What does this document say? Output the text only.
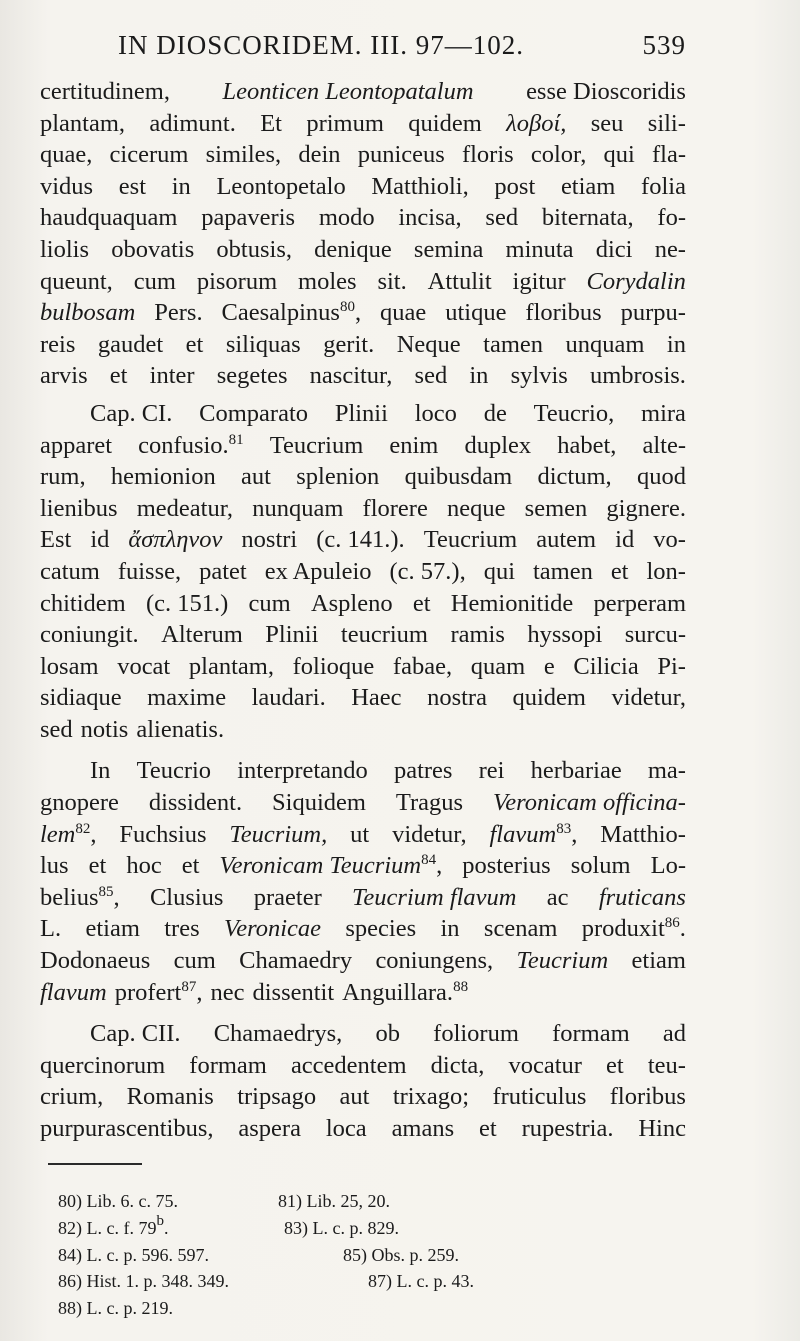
IN DIOSCORIDEM. III. 97—102.	539
certitudinem, Leonticen Leontopatalum esse Dioscoridis
plantam, adimunt. Et primum quidem λοβοί, seu sili-
quae, cicerum similes, dein puniceus floris color, qui fla-
vidus est in Leontopetalo Matthioli, post etiam folia
haudquaquam papaveris modo incisa, sed biternata, fo-
liolis obovatis obtusis, denique semina minuta dici ne-
queunt, cum pisorum moles sit. Attulit igitur Corydalin
bulbosam Pers. Caesalpinus$^{80}$, quae utique floribus purpu-
reis gaudet et siliquas gerit. Neque tamen unquam in
arvis et inter segetes nascitur, sed in sylvis umbrosis.
Cap. CI. Comparato Plinii loco de Teucrio, mira
apparet confusio.$^{81}$ Teucrium enim duplex habet, alte-
rum, hemionion aut splenion quibusdam dictum, quod
lienibus medeatur, nunquam florere neque semen gignere.
Est id ἄσπληνον nostri (c. 141.). Teucrium autem id vo-
catum fuisse, patet ex Apuleio (c. 57.), qui tamen et lon-
chitidem (c. 151.) cum Aspleno et Hemionitide perperam
coniungit. Alterum Plinii teucrium ramis hyssopi surcu-
losam vocat plantam, folioque fabae, quam e Cilicia Pi-
sidiaque maxime laudari. Haec nostra quidem videtur,
sed notis alienatis.
In Teucrio interpretando patres rei herbariae ma-
gnopere dissident. Siquidem Tragus Veronicam officina-
lem$^{82}$, Fuchsius Teucrium, ut videtur, flavum$^{83}$, Matthio-
lus et hoc et Veronicam Teucrium$^{84}$, posterius solum Lo-
belius$^{85}$, Clusius praeter Teucrium flavum ac fruticans
L. etiam tres Veronicae species in scenam produxit$^{86}$.
Dodonaeus cum Chamaedry coniungens, Teucrium etiam
flavum profert$^{87}$, nec dissentit Anguillara.$^{88}$
Cap. CII. Chamaedrys, ob foliorum formam ad
quercinorum formam accedentem dicta, vocatur et teu-
crium, Romanis tripsago aut trixago; fruticulus floribus
purpurascentibus, aspera loca amans et rupestria. Hinc
80) Lib. 6. c. 75.	81) Lib. 25, 20.
82) L. c. f. 79$^b$.	83) L. c. p. 829.
84) L. c. p. 596. 597.	85) Obs. p. 259.
86) Hist. 1. p. 348. 349.	87) L. c. p. 43.
88) L. c. p. 219.
